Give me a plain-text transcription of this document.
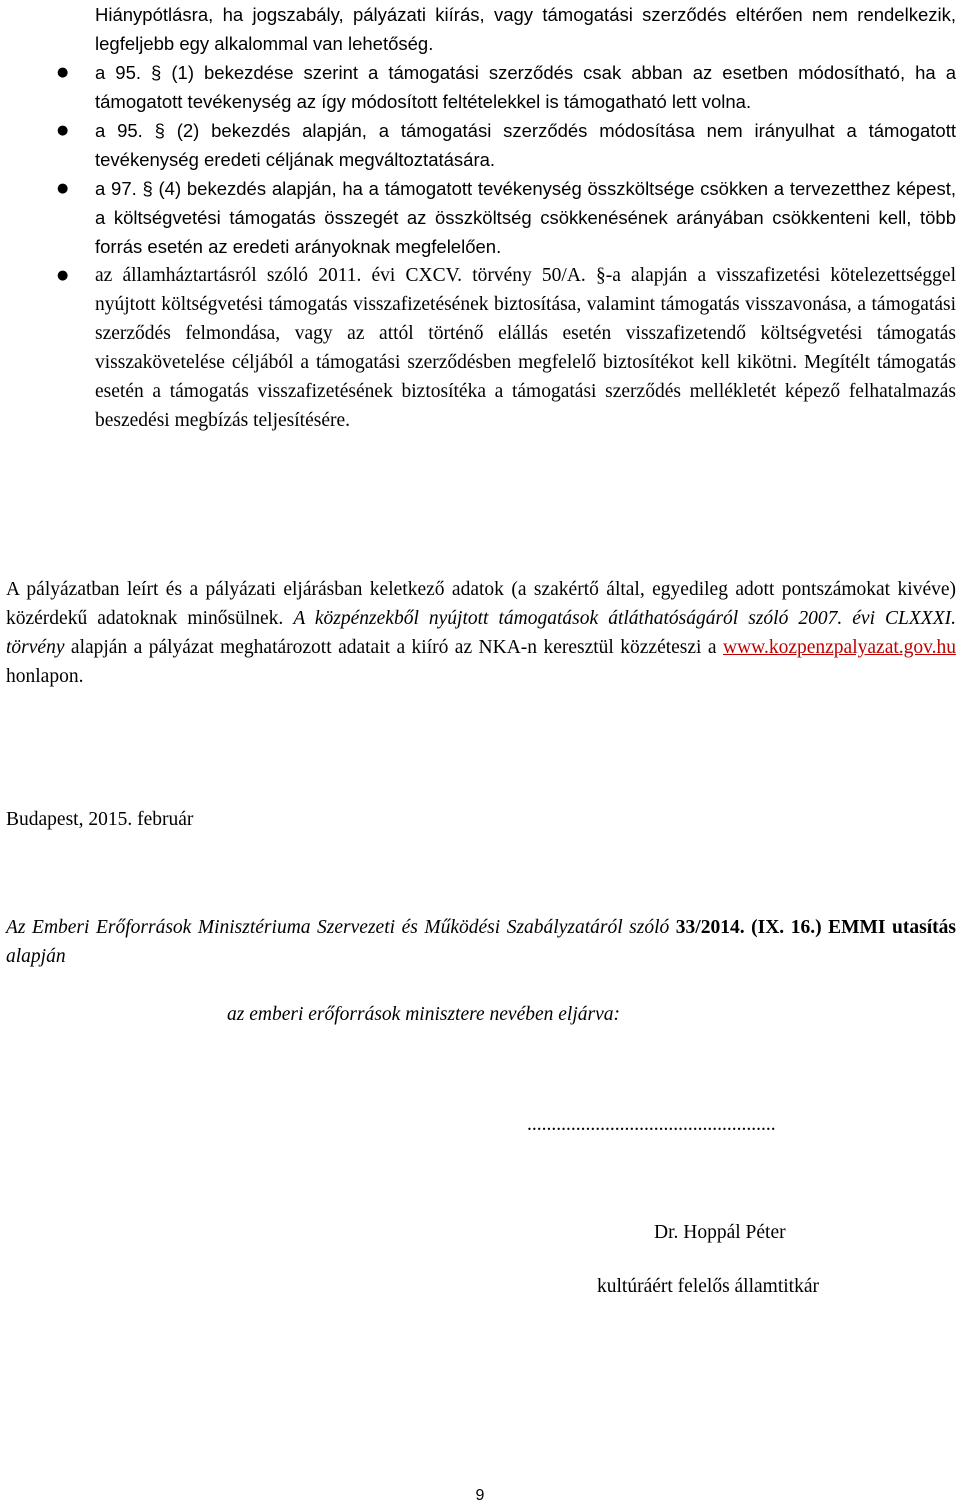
Hiánypótlásra, ha jogszabály, pályázati kiírás, vagy támogatási szerződés eltérően nem rendelkezik, legfeljebb egy alkalommal van lehetőség.

● a 95. § (1) bekezdése szerint a támogatási szerződés csak abban az esetben módosítható, ha a támogatott tevékenység az így módosított feltételekkel is támogatható lett volna.

● a 95. § (2) bekezdés alapján, a támogatási szerződés módosítása nem irányulhat a támogatott tevékenység eredeti céljának megváltoztatására.

● a 97. § (4) bekezdés alapján, ha a támogatott tevékenység összköltsége csökken a tervezetthez képest, a költségvetési támogatás összegét az összköltség csökkenésének arányában csökkenteni kell, több forrás esetén az eredeti arányoknak megfelelően.

● az államháztartásról szóló 2011. évi CXCV. törvény 50/A. §-a alapján a visszafizetési kötelezettséggel nyújtott költségvetési támogatás visszafizetésének biztosítása, valamint támogatás visszavonása, a támogatási szerződés felmondása, vagy az attól történő elállás esetén visszafizetendő költségvetési támogatás visszakövetelése céljából a támogatási szerződésben megfelelő biztosítékot kell kikötni. Megítélt támogatás esetén a támogatás visszafizetésének biztosítéka a támogatási szerződés mellékletét képező felhatalmazás beszedési megbízás teljesítésére.

A pályázatban leírt és a pályázati eljárásban keletkező adatok (a szakértő által, egyedileg adott pontszámokat kivéve) közérdekű adatoknak minősülnek. A közpénzekből nyújtott támogatások átláthatóságáról szóló 2007. évi CLXXXI. törvény alapján a pályázat meghatározott adatait a kiíró az NKA-n keresztül közzéteszi a www.kozpenzpalyazat.gov.hu honlapon.

Budapest, 2015. február

Az Emberi Erőforrások Minisztériuma Szervezeti és Működési Szabályzatáról szóló 33/2014. (IX. 16.) EMMI utasítás alapján

az emberi erőforrások minisztere nevében eljárva:

...................................................

Dr. Hoppál Péter

kultúráért felelős államtitkár

9
